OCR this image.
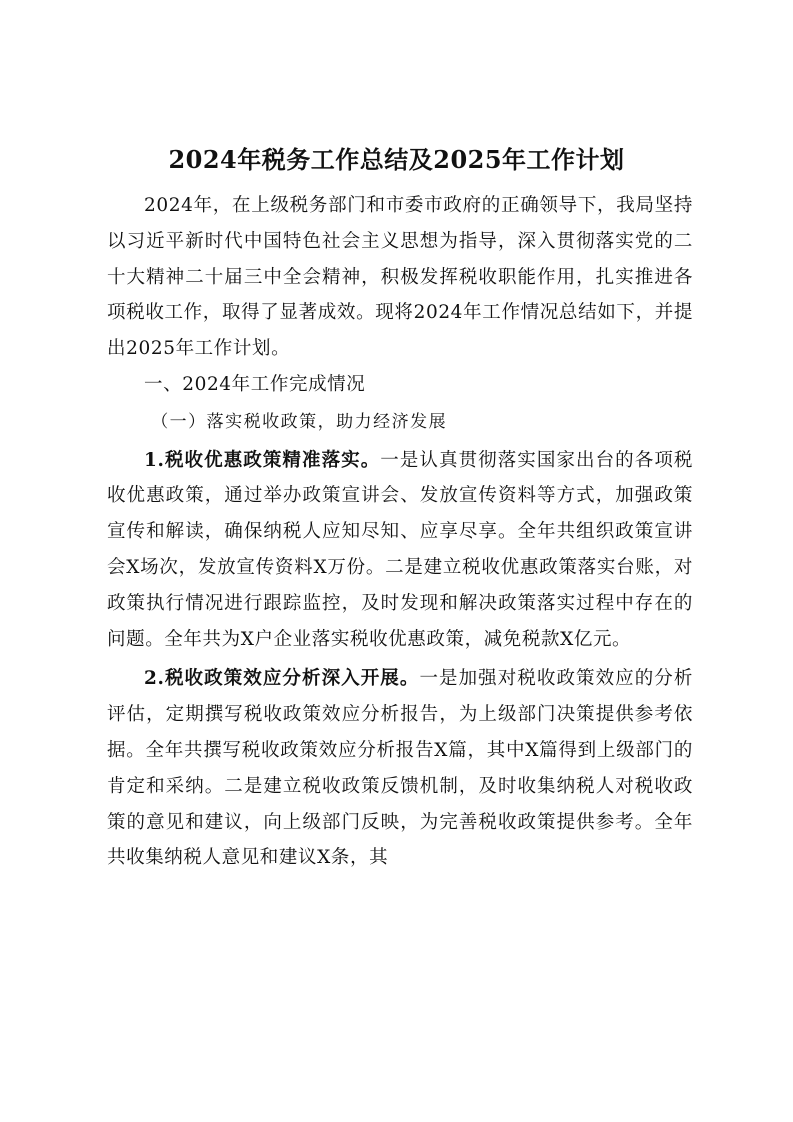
2024年税务工作总结及2025年工作计划

2024年，在上级税务部门和市委市政府的正确领导下，我局坚持以习近平新时代中国特色社会主义思想为指导，深入贯彻落实党的二十大精神二十届三中全会精神，积极发挥税收职能作用，扎实推进各项税收工作，取得了显著成效。现将2024年工作情况总结如下，并提出2025年工作计划。

一、2024年工作完成情况

（一）落实税收政策，助力经济发展

1.税收优惠政策精准落实。一是认真贯彻落实国家出台的各项税收优惠政策，通过举办政策宣讲会、发放宣传资料等方式，加强政策宣传和解读，确保纳税人应知尽知、应享尽享。全年共组织政策宣讲会X场次，发放宣传资料X万份。二是建立税收优惠政策落实台账，对政策执行情况进行跟踪监控，及时发现和解决政策落实过程中存在的问题。全年共为X户企业落实税收优惠政策，减免税款X亿元。

2.税收政策效应分析深入开展。一是加强对税收政策效应的分析评估，定期撰写税收政策效应分析报告，为上级部门决策提供参考依据。全年共撰写税收政策效应分析报告X篇，其中X篇得到上级部门的肯定和采纳。二是建立税收政策反馈机制，及时收集纳税人对税收政策的意见和建议，向上级部门反映，为完善税收政策提供参考。全年共收集纳税人意见和建议X条，其
